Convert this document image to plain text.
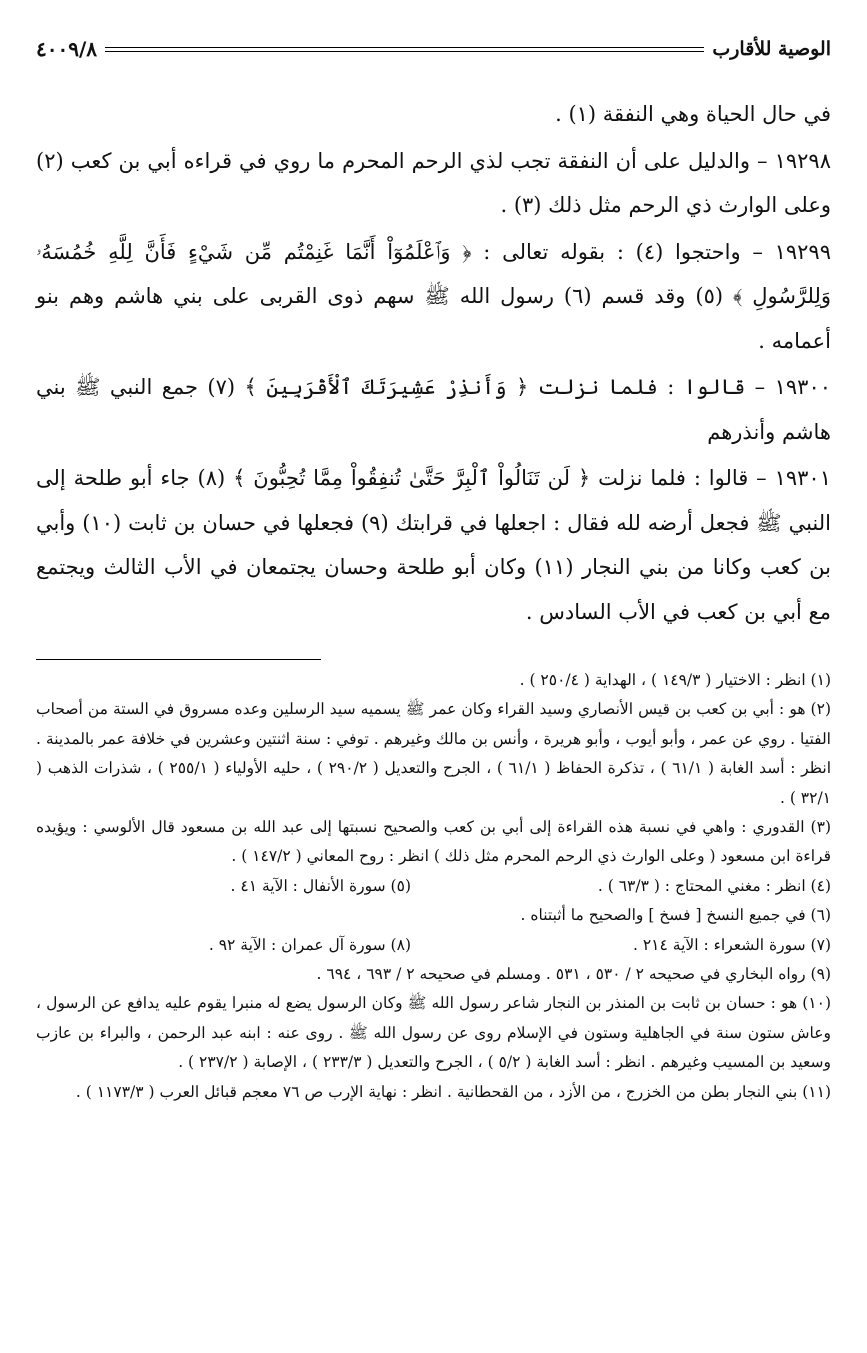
الوصية للأقارب
٤٠٠٩/٨

في حال الحياة وهي النفقة (١) .

١٩٢٩٨ – والدليل على أن النفقة تجب لذي الرحم المحرم ما روي في قراءه أبي بن كعب (٢) وعلى الوارث ذي الرحم مثل ذلك (٣) .

١٩٢٩٩ – واحتجوا (٤) : بقوله تعالى : ﴿ وَٱعْلَمُوٓاْ أَنَّمَا غَنِمْتُم مِّن شَيْءٍ فَأَنَّ لِلَّهِ خُمُسَهُۥ وَلِلرَّسُولِ ﴾ (٥) وقد قسم (٦) رسول الله ﷺ سهم ذوى القربى على بني هاشم وهم بنو أعمامه .

١٩٣٠٠ – قالوا : فلما نزلت ﴿ وَأَنذِرْ عَشِيرَتَكَ ٱلْأَقْرَبِينَ ﴾ (٧) جمع النبي ﷺ بني هاشم وأنذرهم

١٩٣٠١ – قالوا : فلما نزلت ﴿ لَن تَنَالُواْ ٱلْبِرَّ حَتَّىٰ تُنفِقُواْ مِمَّا تُحِبُّونَ ﴾ (٨) جاء أبو طلحة إلى النبي ﷺ فجعل أرضه لله فقال : اجعلها في قرابتك (٩) فجعلها في حسان بن ثابت (١٠) وأبي بن كعب وكانا من بني النجار (١١) وكان أبو طلحة وحسان يجتمعان في الأب الثالث ويجتمع مع أبي بن كعب في الأب السادس .

(١) انظر : الاختيار ( ١٤٩/٣ ) ، الهداية ( ٢٥٠/٤ ) .

(٢) هو : أبي بن كعب بن قيس الأنصاري وسيد القراء وكان عمر ﷺ يسميه سيد الرسلين وعده مسروق في الستة من أصحاب الفتيا . روي عن عمر ، وأبو أيوب ، وأبو هريرة ، وأنس بن مالك وغيرهم . توفي : سنة اثنتين وعشرين في خلافة عمر بالمدينة . انظر : أسد الغابة ( ٦١/١ ) ، تذكرة الحفاظ ( ٦١/١ ) ، الجرح والتعديل ( ٢٩٠/٢ ) ، حليه الأولياء ( ٢٥٥/١ ) ، شذرات الذهب ( ٣٢/١ ) .

(٣) القدوري : واهي في نسبة هذه القراءة إلى أبي بن كعب والصحيح نسبتها إلى عبد الله بن مسعود قال الألوسي : ويؤيده قراءة ابن مسعود ( وعلى الوارث ذي الرحم المحرم مثل ذلك ) انظر : روح المعاني ( ١٤٧/٢ ) .

(٤) انظر : مغني المحتاج : ( ٦٣/٣ ) .
(٥) سورة الأنفال : الآية ٤١ .

(٦) في جميع النسخ [ فسخ ] والصحيح ما أثبتناه .

(٧) سورة الشعراء : الآية ٢١٤ .
(٨) سورة آل عمران : الآية ٩٢ .

(٩) رواه البخاري في صحيحه ٢ / ٥٣٠ ، ٥٣١ . ومسلم في صحيحه ٢ / ٦٩٣ ، ٦٩٤ .

(١٠) هو : حسان بن ثابت بن المنذر بن النجار شاعر رسول الله ﷺ وكان الرسول يضع له منبرا يقوم عليه يدافع عن الرسول ، وعاش ستون سنة في الجاهلية وستون في الإسلام روى عن رسول الله ﷺ . روى عنه : ابنه عبد الرحمن ، والبراء بن عازب وسعيد بن المسيب وغيرهم . انظر : أسد الغابة ( ٥/٢ ) ، الجرح والتعديل ( ٢٣٣/٣ ) ، الإصابة ( ٢٣٧/٢ ) .

(١١) بني النجار بطن من الخزرج ، من الأزد ، من القحطانية . انظر : نهاية الإرب ص ٧٦ معجم قبائل العرب ( ١١٧٣/٣ ) .
